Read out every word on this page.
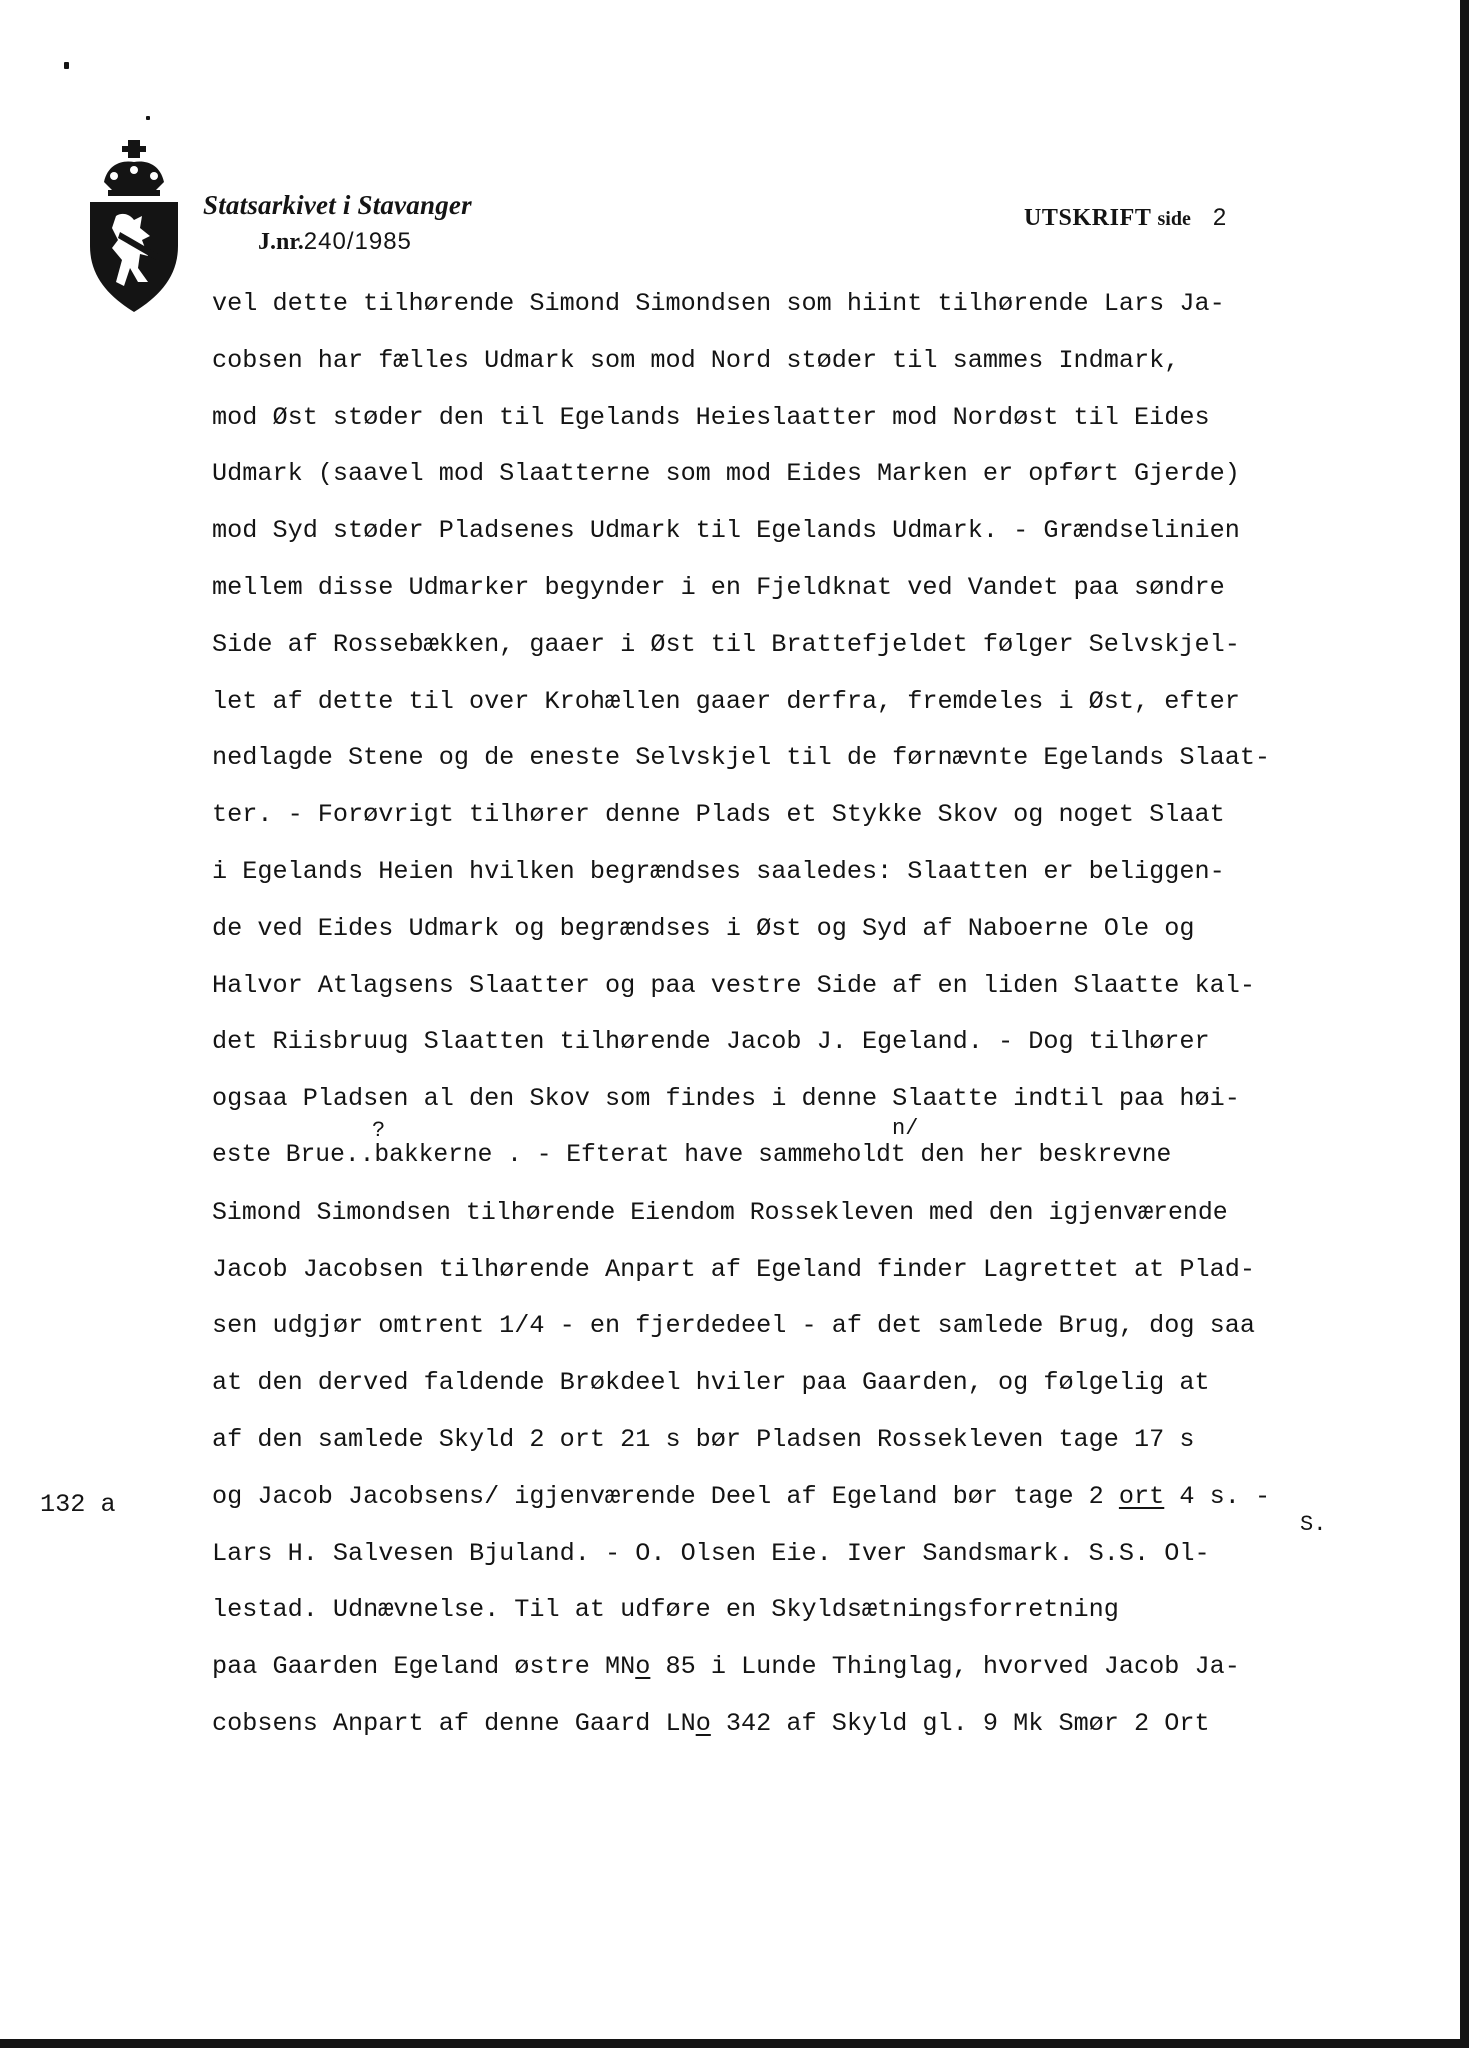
Statsarkivet i Stavanger
J.nr.240/1985
UTSKRIFT side 2
132 a
vel dette tilhørende Simond Simondsen som hiint tilhørende Lars Ja-
cobsen har fælles Udmark som mod Nord støder til sammes Indmark,
mod Øst støder den til Egelands Heieslaatter mod Nordøst til Eides
Udmark (saavel mod Slaatterne som mod Eides Marken er opført Gjerde)
mod Syd støder Pladsenes Udmark til Egelands Udmark. - Grændselinien
mellem disse Udmarker begynder i en Fjeldknat ved Vandet paa søndre
Side af Rossebækken, gaaer i Øst til Brattefjeldet følger Selvskjel-
let af dette til over Krohællen gaaer derfra, fremdeles i Øst, efter
nedlagde Stene og de eneste Selvskjel til de førnævnte Egelands Slaat-
ter. - Forøvrigt tilhører denne Plads et Stykke Skov og noget Slaat
i Egelands Heien hvilken begrændses saaledes: Slaatten er beliggen-
de ved Eides Udmark og begrændses i Øst og Syd af Naboerne Ole og
Halvor Atlagsens Slaatter og paa vestre Side af en liden Slaatte kal-
det Riisbruug Slaatten tilhørende Jacob J. Egeland. - Dog tilhører
ogsaa Pladsen al den Skov som findes i denne Slaatte indtil paa høi-
?	n/
este Brue..bakkerne . - Efterat have sammeholdt den her beskrevne
Simond Simondsen tilhørende Eiendom Rossekleven med den igjenværende
Jacob Jacobsen tilhørende Anpart af Egeland finder Lagrettet at Plad-
sen udgjør omtrent 1/4 - en fjerdedeel - af det samlede Brug, dog saa
at den derved faldende Brøkdeel hviler paa Gaarden, og følgelig at
af den samlede Skyld 2 ort 21 s bør Pladsen Rossekleven tage 17 s
og Jacob Jacobsens/ igjenværende Deel af Egeland bør tage 2 ort 4 s. -
S.
Lars H. Salvesen Bjuland. - O. Olsen Eie. Iver Sandsmark. S.S. Ol-
lestad. Udnævnelse. Til at udføre en Skyldsætningsforretning
paa Gaarden Egeland østre MNo 85 i Lunde Thinglag, hvorved Jacob Ja-
cobsens Anpart af denne Gaard LNo 342 af Skyld gl. 9 Mk Smør 2 Ort
